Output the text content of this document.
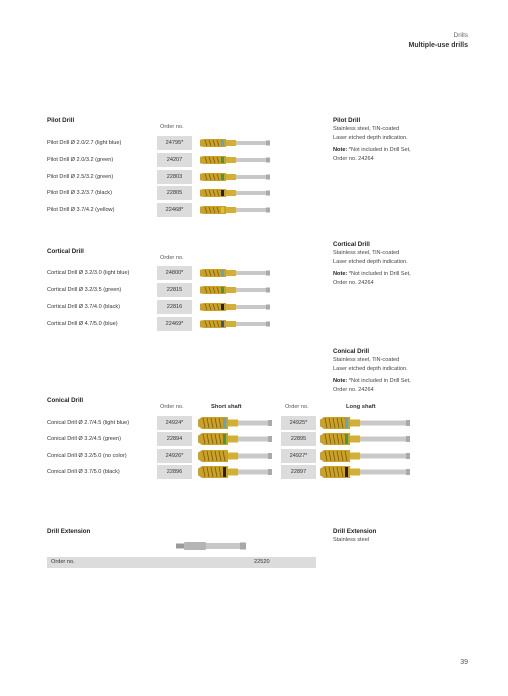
Drills
Multiple-use drills
Pilot Drill
Order no.
Pilot Drill Ø 2.0/2.7 (light blue)	24795*
Pilot Drill Ø 2.0/3.2 (green)	24207
Pilot Drill Ø 2.5/3.2 (green)	22803
Pilot Drill Ø 3.2/3.7 (black)	22805
Pilot Drill Ø 3.7/4.2 (yellow)	22468*
Pilot Drill
Stainless steel, TiN-coated
Laser etched depth indication.
Note: *Not included in Drill Set,
Order no. 24264
Cortical Drill
Order no.
Cortical Drill Ø 3.2/3.0 (light blue)	24800*
Cortical Drill Ø 3.2/3.5 (green)	22815
Cortical Drill Ø 3.7/4.0 (black)	22816
Cortical Drill Ø 4.7/5.0 (blue)	22469*
Cortical Drill
Stainless steel, TiN-coated
Laser etched depth indication.
Note: *Not included in Drill Set,
Order no. 24264
Conical Drill
Stainless steel, TiN-coated
Laser etched depth indication.
Note: *Not included in Drill Set,
Order no. 24264
Conical Drill
Order no.	Short shaft	Order no.	Long shaft
Conical Drill Ø 2.7/4.5 (light blue)	24924*	24925*
Conical Drill Ø 3.2/4.5 (green)	22894	22895
Conical Drill Ø 3.2/5.0 (no color)	24926*	24927*
Conical Drill Ø 3.7/5.0 (black)	22896	22897
Drill Extension
Order no.	22520
Drill Extension
Stainless steel
39
